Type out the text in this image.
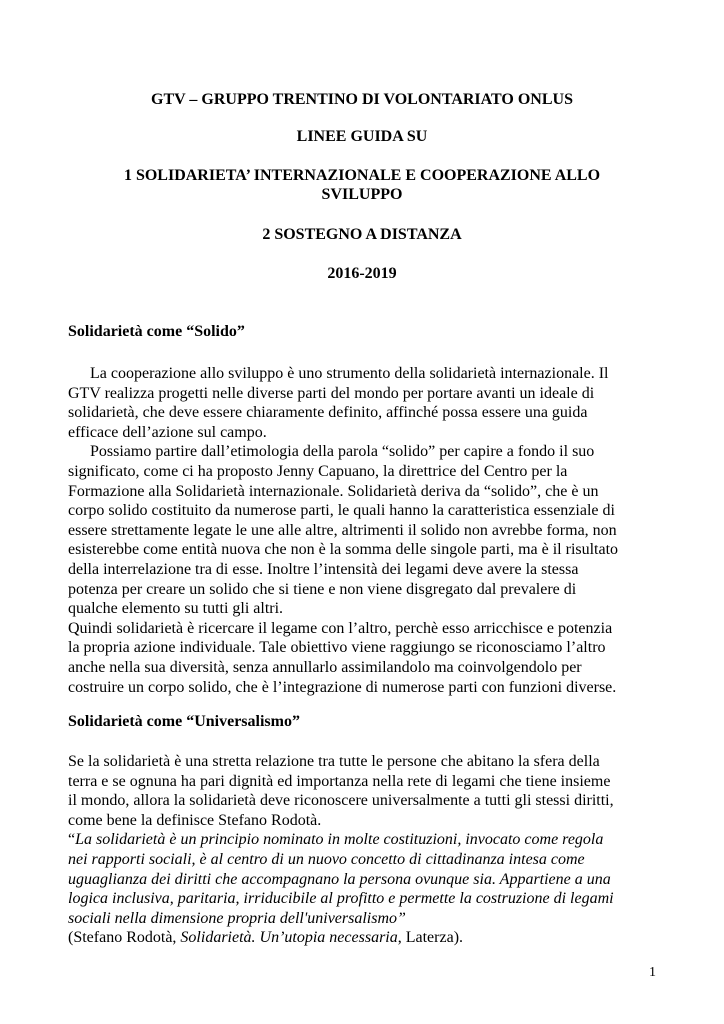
GTV – GRUPPO TRENTINO DI VOLONTARIATO ONLUS

LINEE GUIDA SU

1 SOLIDARIETA’ INTERNAZIONALE E COOPERAZIONE ALLO

SVILUPPO

2 SOSTEGNO A DISTANZA

2016-2019

Solidarietà come “Solido”

La cooperazione allo sviluppo è uno strumento della solidarietà internazionale. Il

GTV realizza progetti nelle diverse parti del mondo per portare avanti un ideale di

solidarietà, che deve essere chiaramente definito, affinché possa essere una guida

efficace dell’azione sul campo.

Possiamo partire dall’etimologia della parola “solido” per capire a fondo il suo

significato, come ci ha proposto Jenny Capuano, la direttrice del Centro per la

Formazione alla Solidarietà internazionale. Solidarietà deriva da “solido”, che è un

corpo solido costituito da numerose parti, le quali hanno la caratteristica essenziale di

essere strettamente legate le une alle altre, altrimenti il solido non avrebbe forma, non

esisterebbe come entità nuova che non è la somma delle singole parti, ma è il risultato

della interrelazione tra di esse. Inoltre l’intensità dei legami deve avere la stessa

potenza per creare un solido che si tiene e non viene disgregato dal prevalere di

qualche elemento su tutti gli altri.

Quindi solidarietà è ricercare il legame con l’altro, perchè esso arricchisce e potenzia

la propria azione individuale. Tale obiettivo viene raggiungo se riconosciamo l’altro

anche nella sua diversità, senza annullarlo assimilandolo ma coinvolgendolo per

costruire un corpo solido, che è l’integrazione di numerose parti con funzioni diverse.

Solidarietà come “Universalismo”

Se la solidarietà è una stretta relazione tra tutte le persone che abitano la sfera della

terra e se ognuna ha pari dignità ed importanza nella rete di legami che tiene insieme

il mondo, allora la solidarietà deve riconoscere universalmente a tutti gli stessi diritti,

come bene la definisce Stefano Rodotà.

“La solidarietà è un principio nominato in molte costituzioni, invocato come regola

nei rapporti sociali, è al centro di un nuovo concetto di cittadinanza intesa come

uguaglianza dei diritti che accompagnano la persona ovunque sia. Appartiene a una

logica inclusiva, paritaria, irriducibile al profitto e permette la costruzione di legami

sociali nella dimensione propria dell'universalismo”

(Stefano Rodotà, Solidarietà. Un’utopia necessaria, Laterza).

1
